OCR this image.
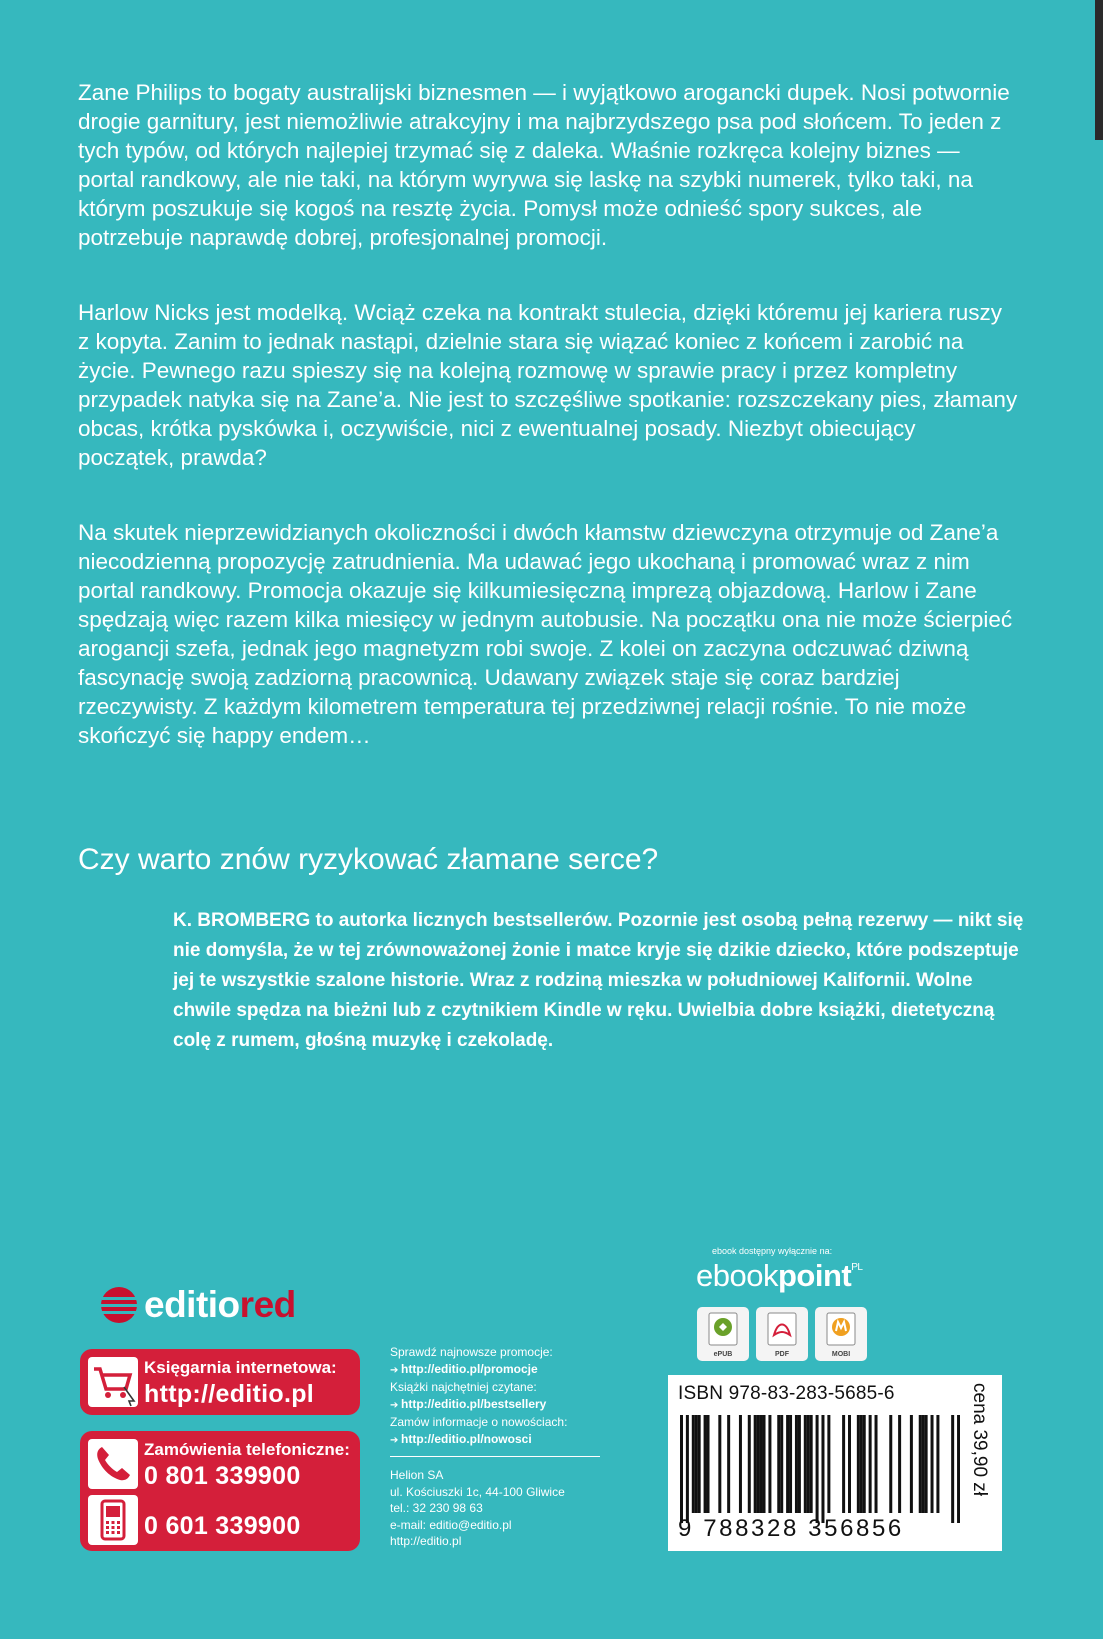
Zane Philips to bogaty australijski biznesmen — i wyjątkowo arogancki dupek. Nosi potwornie drogie garnitury, jest niemożliwie atrakcyjny i ma najbrzydszego psa pod słońcem. To jeden z tych typów, od których najlepiej trzymać się z daleka. Właśnie rozkręca kolejny biznes — portal randkowy, ale nie taki, na którym wyrywa się laskę na szybki numerek, tylko taki, na którym poszukuje się kogoś na resztę życia. Pomysł może odnieść spory sukces, ale potrzebuje naprawdę dobrej, profesjonalnej promocji.

Harlow Nicks jest modelką. Wciąż czeka na kontrakt stulecia, dzięki któremu jej kariera ruszy z kopyta. Zanim to jednak nastąpi, dzielnie stara się wiązać koniec z końcem i zarobić na życie. Pewnego razu spieszy się na kolejną rozmowę w sprawie pracy i przez kompletny przypadek natyka się na Zane’a. Nie jest to szczęśliwe spotkanie: rozszczekany pies, złamany obcas, krótka pyskówka i, oczywiście, nici z ewentualnej posady. Niezbyt obiecujący początek, prawda?

Na skutek nieprzewidzianych okoliczności i dwóch kłamstw dziewczyna otrzymuje od Zane’a niecodzienną propozycję zatrudnienia. Ma udawać jego ukochaną i promować wraz z nim portal randkowy. Promocja okazuje się kilkumiesięczną imprezą objazdową. Harlow i Zane spędzają więc razem kilka miesięcy w jednym autobusie. Na początku ona nie może ścierpieć arogancji szefa, jednak jego magnetyzm robi swoje. Z kolei on zaczyna odczuwać dziwną fascynację swoją zadziorną pracownicą. Udawany związek staje się coraz bardziej rzeczywisty. Z każdym kilometrem temperatura tej przedziwnej relacji rośnie. To nie może skończyć się happy endem…

Czy warto znów ryzykować złamane serce?

K. BROMBERG to autorka licznych bestsellerów. Pozornie jest osobą pełną rezerwy — nikt się nie domyśla, że w tej zrównoważonej żonie i matce kryje się dzikie dziecko, które podszeptuje jej te wszystkie szalone historie. Wraz z rodziną mieszka w południowej Kalifornii. Wolne chwile spędza na bieżni lub z czytnikiem Kindle w ręku. Uwielbia dobre książki, dietetyczną colę z rumem, głośną muzykę i czekoladę.

editiored
Księgarnia internetowa:
http://editio.pl
Zamówienia telefoniczne:
0 801 339900
0 601 339900
Sprawdź najnowsze promocje:
➔ http://editio.pl/promocje
Książki najchętniej czytane:
➔ http://editio.pl/bestsellery
Zamów informacje o nowościach:
➔ http://editio.pl/nowosci
Helion SA
ul. Kościuszki 1c, 44-100 Gliwice
tel.: 32 230 98 63
e-mail: editio@editio.pl
http://editio.pl
ebook dostępny wyłącznie na:
ebookpoint$^{PL}$
ePUB	PDF	MOBI
ISBN 978-83-283-5685-6	cena 39,90 zł
9 788328 356856
